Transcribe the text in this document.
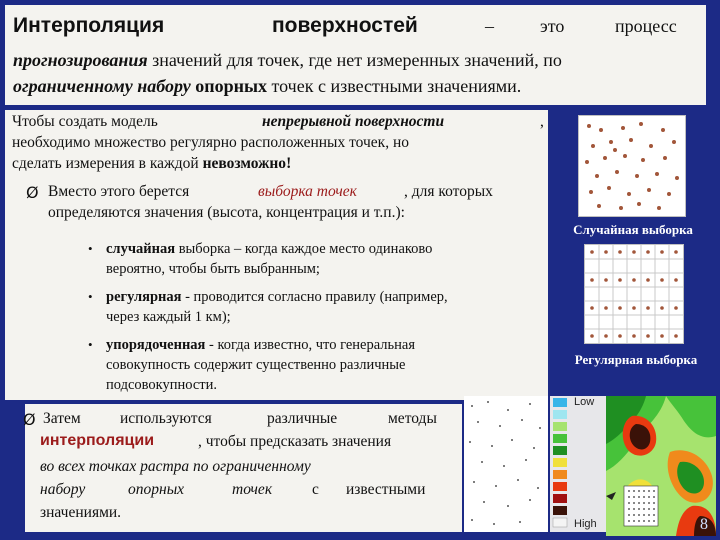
Интерполяция	поверхностей	–	это	процесс
прогнозирования значений для точек, где нет измеренных значений, по
ограниченному набору опорных точек с известными значениями.
Чтобы создать модель	непрерывной поверхности	,
необходимо множество регулярно расположенных точек, но
сделать измерения в каждой невозможно!
Ø Вместо этого берется	выборка точек	, для которых
определяются значения (высота, концентрация и т.п.):
• случайная выборка – когда каждое место одинаково
вероятно, чтобы быть выбранным;
• регулярная - проводится согласно правилу (например,
через каждый 1 км);
• упорядоченная - когда известно, что генеральная
совокупность содержит существенно различные
подсовокупности.
Ø Затем	используются	различные	методы
интерполяции	, чтобы предсказать значения
во всех точках растра по ограниченному
набору	опорных	точек	с известными
значениями.
Случайная выборка
Регулярная выборка
Low
High	8
